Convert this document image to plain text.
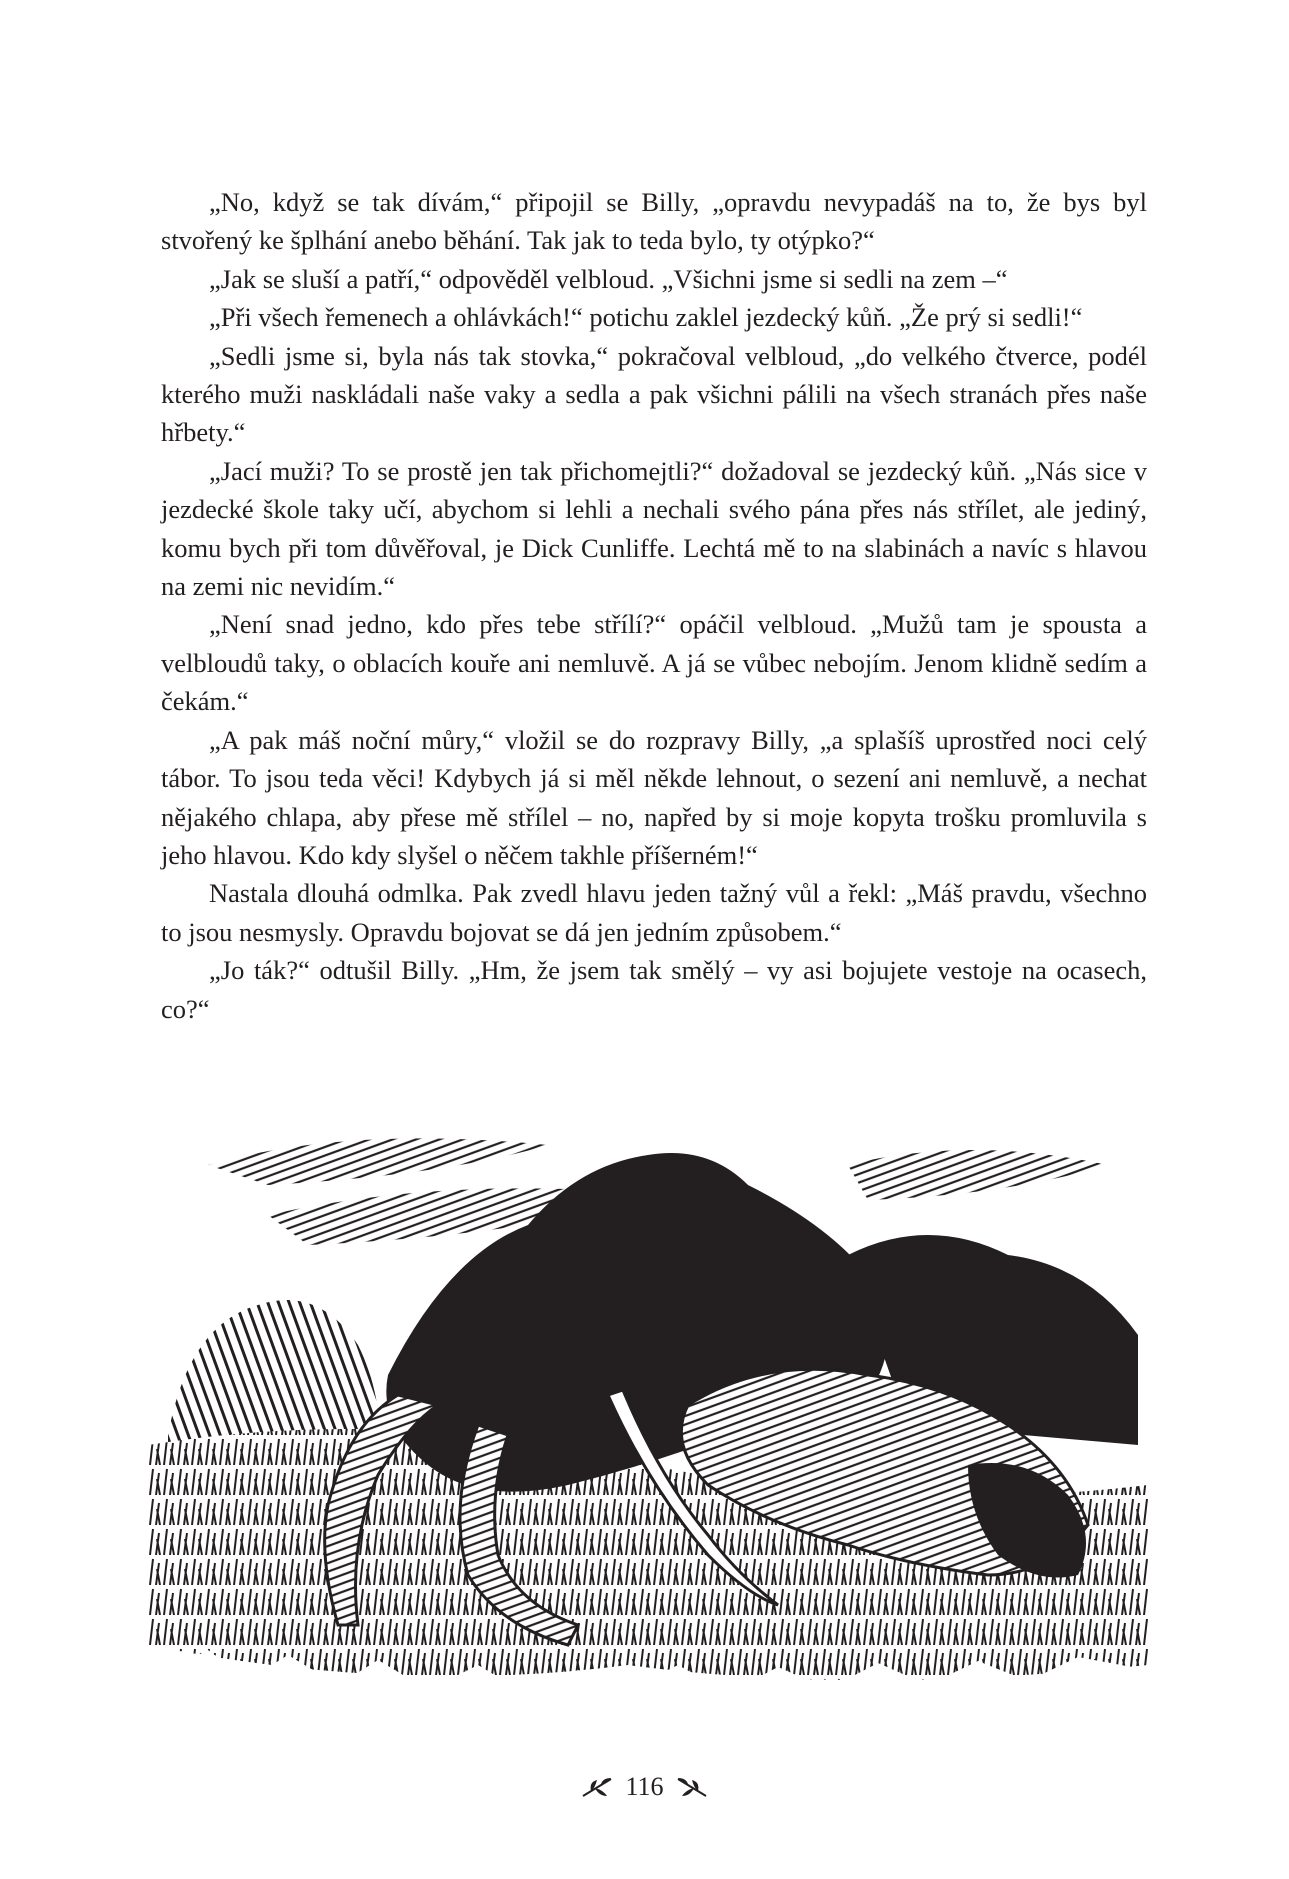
„No, když se tak dívám,“ připojil se Billy, „opravdu nevypadáš na to, že bys byl stvořený ke šplhání anebo běhání. Tak jak to teda bylo, ty otýpko?“

„Jak se sluší a patří,“ odpověděl velbloud. „Všichni jsme si sedli na zem –“

„Při všech řemenech a ohlávkách!“ potichu zaklel jezdecký kůň. „Že prý si sedli!“

„Sedli jsme si, byla nás tak stovka,“ pokračoval velbloud, „do velkého čtverce, podél kterého muži naskládali naše vaky a sedla a pak všichni pálili na všech stranách přes naše hřbety.“

„Jací muži? To se prostě jen tak přichomejtli?“ dožadoval se jezdecký kůň. „Nás sice v jezdecké škole taky učí, abychom si lehli a nechali svého pána přes nás střílet, ale jediný, komu bych při tom důvěřoval, je Dick Cunliffe. Lechtá mě to na slabinách a navíc s hlavou na zemi nic nevidím.“

„Není snad jedno, kdo přes tebe střílí?“ opáčil velbloud. „Mužů tam je spousta a velbloudů taky, o oblacích kouře ani nemluvě. A já se vůbec nebojím. Jenom klidně sedím a čekám.“

„A pak máš noční můry,“ vložil se do rozpravy Billy, „a splašíš uprostřed noci celý tábor. To jsou teda věci! Kdybych já si měl někde lehnout, o sezení ani nemluvě, a nechat nějakého chlapa, aby přese mě střílel – no, napřed by si moje kopyta trošku promluvila s jeho hlavou. Kdo kdy slyšel o něčem takhle příšerném!“

Nastala dlouhá odmlka. Pak zvedl hlavu jeden tažný vůl a řekl: „Máš pravdu, všechno to jsou nesmysly. Opravdu bojovat se dá jen jedním způsobem.“

„Jo ták?“ odtušil Billy. „Hm, že jsem tak smělý – vy asi bojujete vestoje na ocasech, co?“

116
